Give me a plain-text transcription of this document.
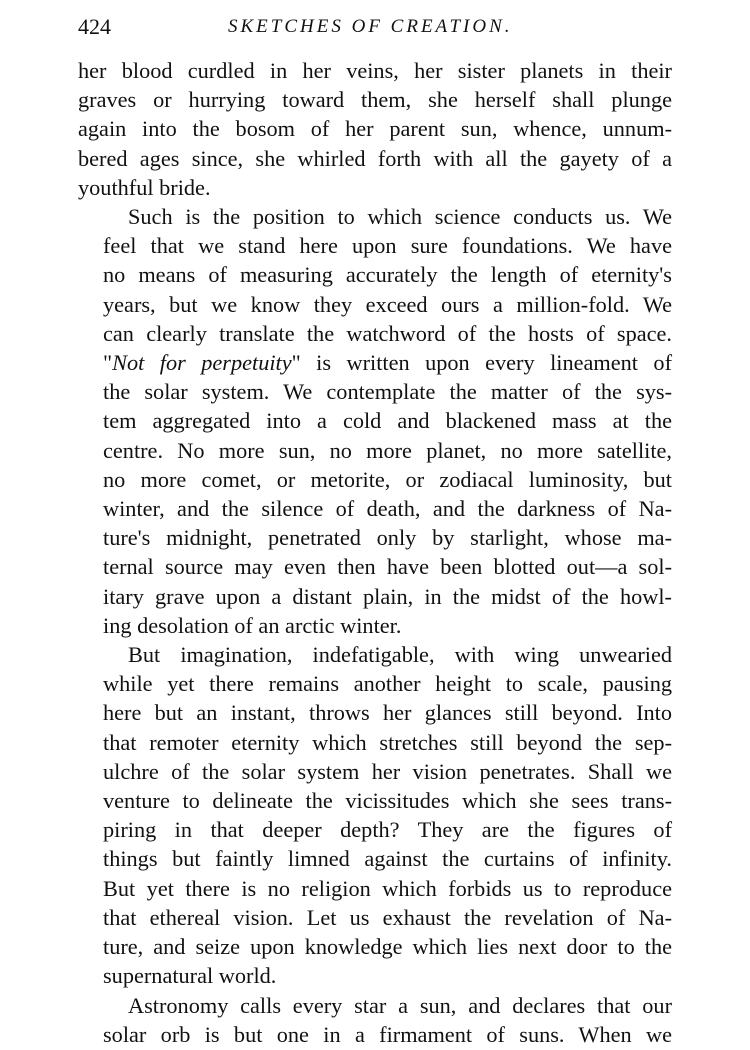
424	SKETCHES OF CREATION.
her blood curdled in her veins, her sister planets in their
graves or hurrying toward them, she herself shall plunge
again into the bosom of her parent sun, whence, unnum-
bered ages since, she whirled forth with all the gayety of a
youthful bride.
Such is the position to which science conducts us. We
feel that we stand here upon sure foundations. We have
no means of measuring accurately the length of eternity's
years, but we know they exceed ours a million-fold. We
can clearly translate the watchword of the hosts of space.
"Not for perpetuity" is written upon every lineament of
the solar system. We contemplate the matter of the sys-
tem aggregated into a cold and blackened mass at the
centre. No more sun, no more planet, no more satellite,
no more comet, or metorite, or zodiacal luminosity, but
winter, and the silence of death, and the darkness of Na-
ture's midnight, penetrated only by starlight, whose ma-
ternal source may even then have been blotted out—a sol-
itary grave upon a distant plain, in the midst of the howl-
ing desolation of an arctic winter.
But imagination, indefatigable, with wing unwearied
while yet there remains another height to scale, pausing
here but an instant, throws her glances still beyond. Into
that remoter eternity which stretches still beyond the sep-
ulchre of the solar system her vision penetrates. Shall we
venture to delineate the vicissitudes which she sees trans-
piring in that deeper depth? They are the figures of
things but faintly limned against the curtains of infinity.
But yet there is no religion which forbids us to reproduce
that ethereal vision. Let us exhaust the revelation of Na-
ture, and seize upon knowledge which lies next door to the
supernatural world.
Astronomy calls every star a sun, and declares that our
solar orb is but one in a firmament of suns. When we
